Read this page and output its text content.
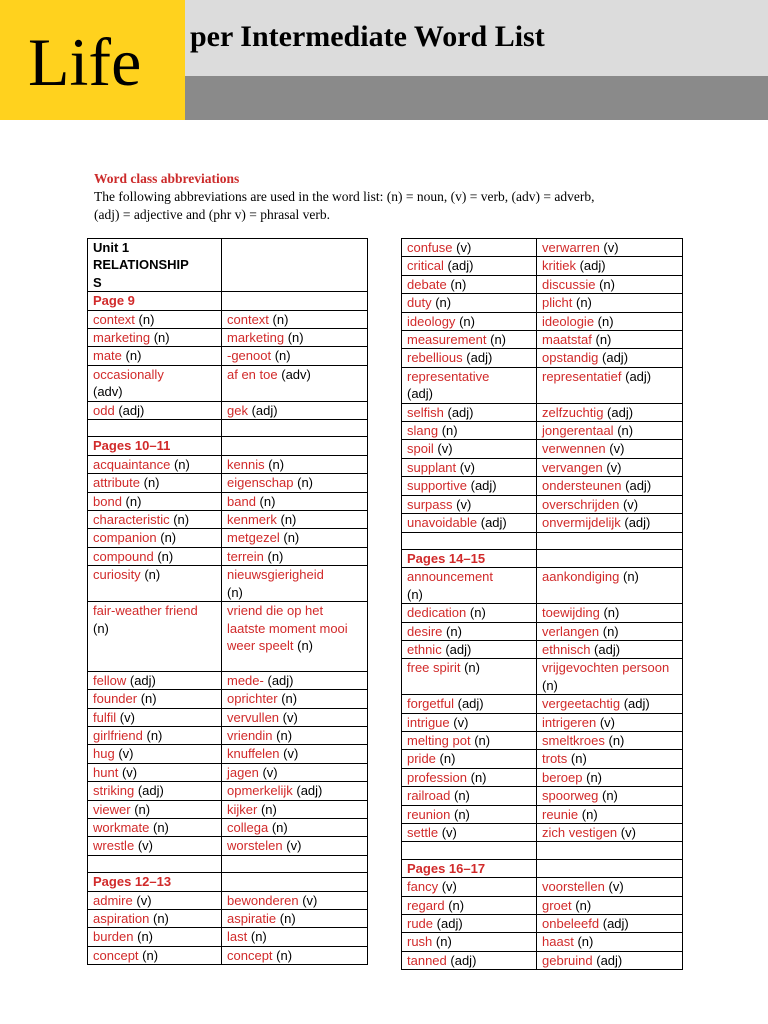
Life per Intermediate Word List
Word class abbreviations
The following abbreviations are used in the word list: (n) = noun, (v) = verb, (adv) = adverb,
(adj) = adjective and (phr v) = phrasal verb.
Unit 1
RELATIONSHIP
S	

Page 9	
context (n)	context (n)
marketing (n)	marketing (n)
mate (n)	-genoot (n)
occasionally
(adv)	af en toe (adv)
odd (adj)	gek (adj)

Pages 10–11	
acquaintance (n)	kennis (n)
attribute (n)	eigenschap (n)
bond (n)	band (n)
characteristic (n)	kenmerk (n)
companion (n)	metgezel (n)
compound (n)	terrein (n)
curiosity (n)	nieuwsgierigheid
(n)
fair-weather friend (n)	vriend die op het laatste moment mooi weer speelt (n)
fellow (adj)	mede- (adj)
founder (n)	oprichter (n)
fulfil (v)	vervullen (v)
girlfriend (n)	vriendin (n)
hug (v)	knuffelen (v)
hunt (v)	jagen (v)
striking (adj)	opmerkelijk (adj)
viewer (n)	kijker (n)
workmate (n)	collega (n)
wrestle (v)	worstelen (v)

Pages 12–13	
admire (v)	bewonderen (v)
aspiration (n)	aspiratie (n)
burden (n)	last (n)
concept (n)	concept (n)
confuse (v)	verwarren (v)
critical (adj)	kritiek (adj)
debate (n)	discussie (n)
duty (n)	plicht (n)
ideology (n)	ideologie (n)
measurement (n)	maatstaf (n)
rebellious (adj)	opstandig (adj)
representative
(adj)	representatief (adj)
selfish (adj)	zelfzuchtig (adj)
slang (n)	jongerentaal (n)
spoil (v)	verwennen (v)
supplant (v)	vervangen (v)
supportive (adj)	ondersteunen (adj)
surpass (v)	overschrijden (v)
unavoidable (adj)	onvermijdelijk (adj)

Pages 14–15	
announcement
(n)	aankondiging (n)
dedication (n)	toewijding (n)
desire (n)	verlangen (n)
ethnic (adj)	ethnisch (adj)
free spirit (n)	vrijgevochten persoon
(n)
forgetful (adj)	vergeetachtig (adj)
intrigue (v)	intrigeren (v)
melting pot (n)	smeltkroes (n)
pride (n)	trots (n)
profession (n)	beroep (n)
railroad (n)	spoorweg (n)
reunion (n)	reunie (n)
settle (v)	zich vestigen (v)

Pages 16–17	
fancy (v)	voorstellen (v)
regard (n)	groet (n)
rude (adj)	onbeleefd (adj)
rush (n)	haast (n)
tanned (adj)	gebruind (adj)
